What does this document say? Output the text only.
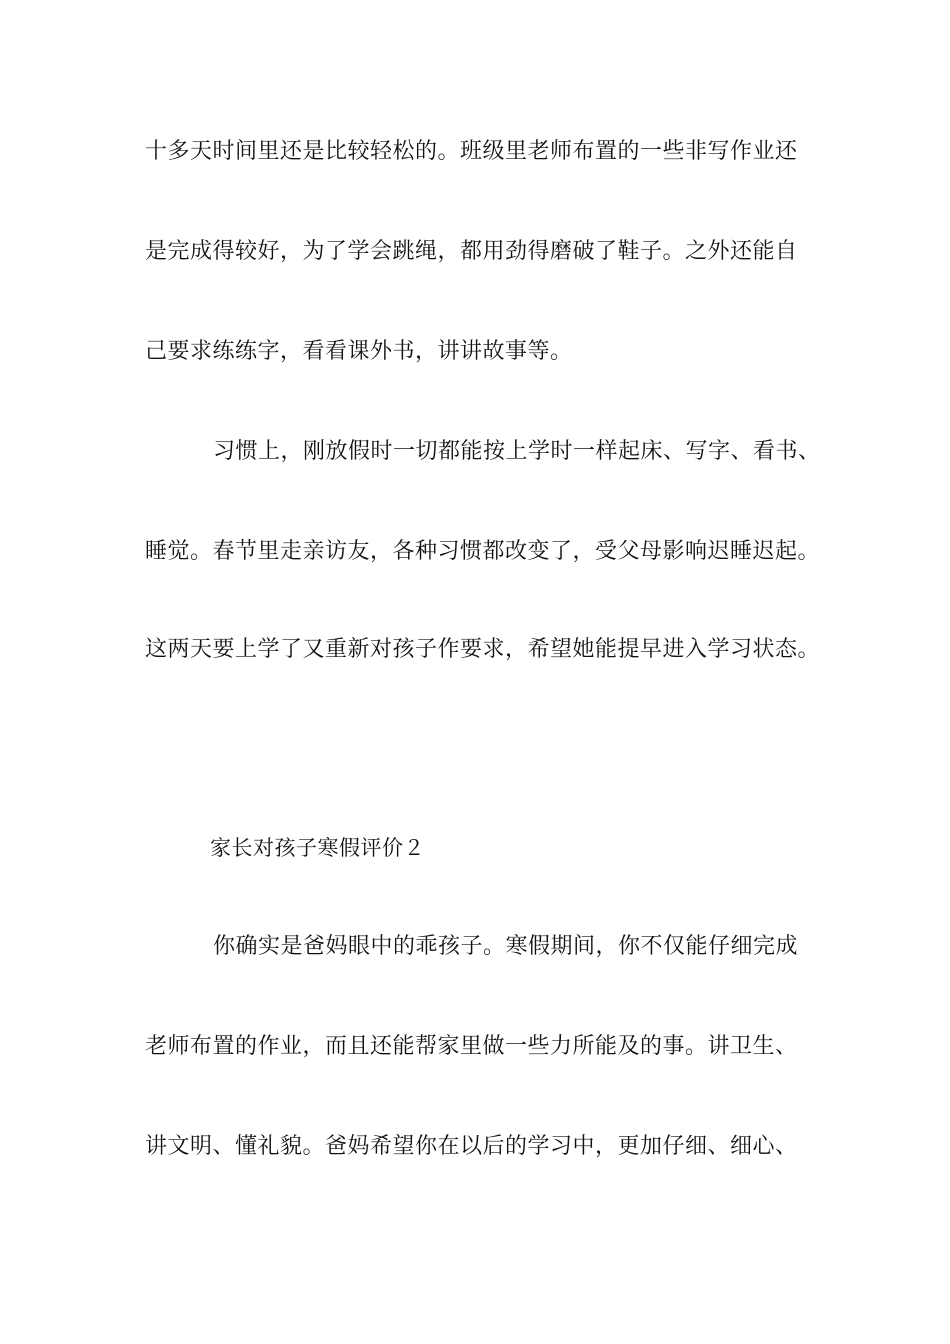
十多天时间里还是比较轻松的。班级里老师布置的一些非写作业还
是完成得较好，为了学会跳绳，都用劲得磨破了鞋子。之外还能自
己要求练练字，看看课外书，讲讲故事等。
习惯上，刚放假时一切都能按上学时一样起床、写字、看书、
睡觉。春节里走亲访友，各种习惯都改变了，受父母影响迟睡迟起。
这两天要上学了又重新对孩子作要求，希望她能提早进入学习状态。
家长对孩子寒假评价２
你确实是爸妈眼中的乖孩子。寒假期间，你不仅能仔细完成
老师布置的作业，而且还能帮家里做一些力所能及的事。讲卫生、
讲文明、懂礼貌。爸妈希望你在以后的学习中，更加仔细、细心、
